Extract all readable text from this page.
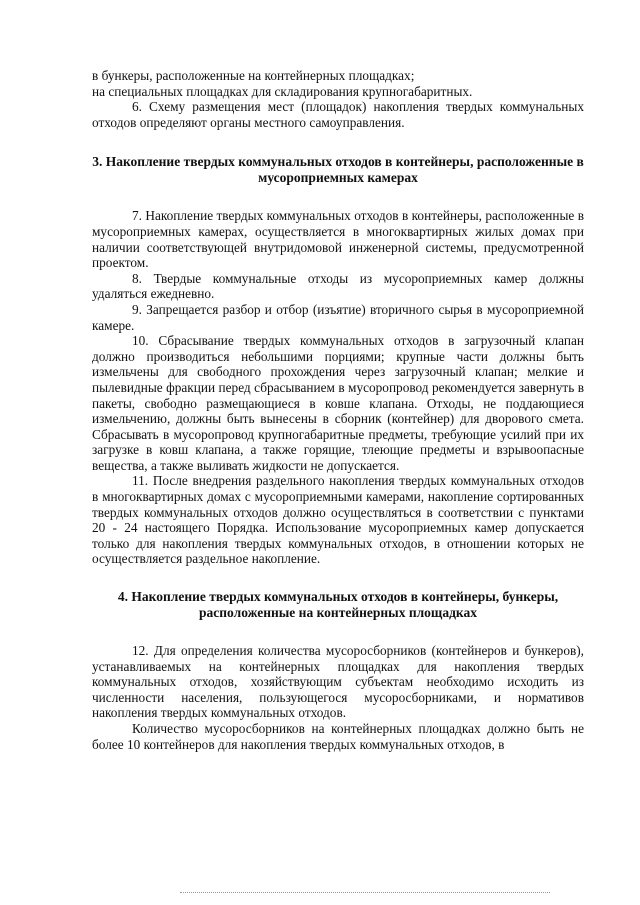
в бункеры, расположенные на контейнерных площадках;

на специальных площадках для складирования крупногабаритных.

6. Схему размещения мест (площадок) накопления твердых коммунальных отходов определяют органы местного самоуправления.

3. Накопление твердых коммунальных отходов в контейнеры, расположенные в мусороприемных камерах

7. Накопление твердых коммунальных отходов в контейнеры, расположенные в мусороприемных камерах, осуществляется в многоквартирных жилых домах при наличии соответствующей внутридомовой инженерной системы, предусмотренной проектом.

8. Твердые коммунальные отходы из мусороприемных камер должны удаляться ежедневно.

9. Запрещается разбор и отбор (изъятие) вторичного сырья в мусороприемной камере.

10. Сбрасывание твердых коммунальных отходов в загрузочный клапан должно производиться небольшими порциями; крупные части должны быть измельчены для свободного прохождения через загрузочный клапан; мелкие и пылевидные фракции перед сбрасыванием в мусоропровод рекомендуется завернуть в пакеты, свободно размещающиеся в ковше клапана. Отходы, не поддающиеся измельчению, должны быть вынесены в сборник (контейнер) для дворового смета. Сбрасывать в мусоропровод крупногабаритные предметы, требующие усилий при их загрузке в ковш клапана, а также горящие, тлеющие предметы и взрывоопасные вещества, а также выливать жидкости не допускается.

11. После внедрения раздельного накопления твердых коммунальных отходов в многоквартирных домах с мусороприемными камерами, накопление сортированных твердых коммунальных отходов должно осуществляться в соответствии с пунктами 20 - 24 настоящего Порядка. Использование мусороприемных камер допускается только для накопления твердых коммунальных отходов, в отношении которых не осуществляется раздельное накопление.

4. Накопление твердых коммунальных отходов в контейнеры, бункеры, расположенные на контейнерных площадках

12. Для определения количества мусоросборников (контейнеров и бункеров), устанавливаемых на контейнерных площадках для накопления твердых коммунальных отходов, хозяйствующим субъектам необходимо исходить из численности населения, пользующегося мусоросборниками, и нормативов накопления твердых коммунальных отходов.

Количество мусоросборников на контейнерных площадках должно быть не более 10 контейнеров для накопления твердых коммунальных отходов, в
